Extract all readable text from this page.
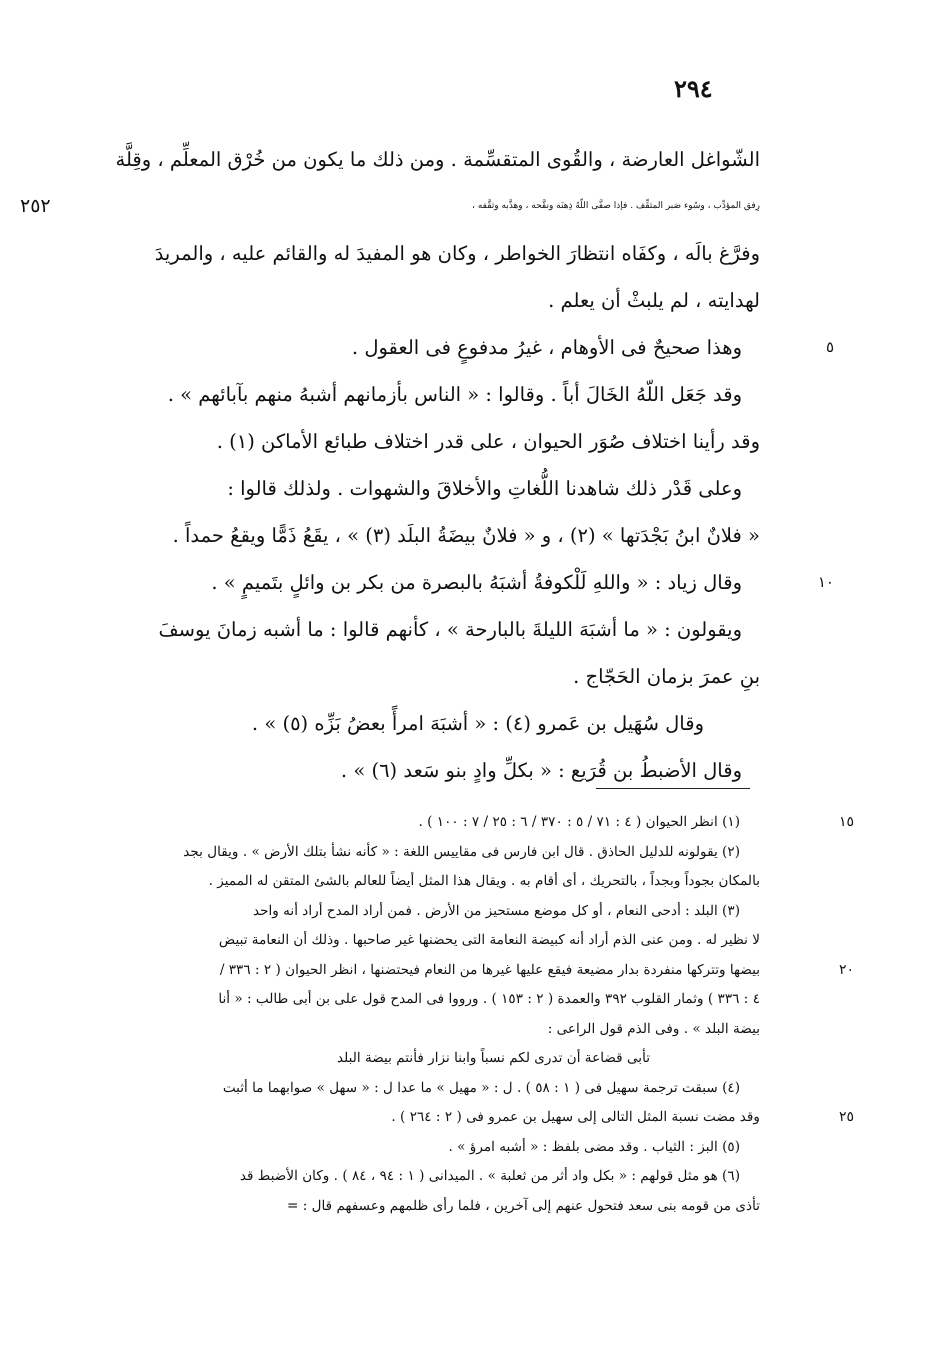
٢٩٤
الشّواغل العارضة ، والقُوى المتقسِّمة . ومن ذلك ما يكون من خُرْق المعلِّم ، وقِلَّة
رِفق المؤدِّب ، وسُوء صَبر المثقِّف . فإذا صفَّى اللّهُ ذِهنَه ونقَّحه ، وهذَّبه وثقَّفه ،
٢٥٢
وفرَّغ بالَه ، وكفَاه انتظارَ الخواطر ، وكان هو المفيدَ له والقائم عليه ، والمريدَ
لهدايته ، لم يلبثْ أن يعلم .
وهذا صحيحٌ فى الأوهام ، غيرُ مدفوعٍ فى العقول .	٥
وقد جَعَل اللّهُ الخَالَ أباً . وقالوا : « الناس بأزمانهم أشبهُ منهم بآبائهم » .
وقد رأينا اختلاف صُوَر الحيوان ، على قدر اختلاف طبائع الأماكن (١) .
وعلى قَدْر ذلك شاهدنا اللُّغاتِ والأخلاقَ والشهوات . ولذلك قالوا :
« فلانٌ ابنُ بَجْدَتها » (٢) ، و « فلانٌ بيضَةُ البلَد (٣) » ، يقَعُ ذَمًّا ويقعُ حمداً .
وقال زياد : « واللهِ لَلْكوفةُ أشبَهُ بالبصرة من بكر بن وائلٍ بتَميمٍ » .	١٠
ويقولون : « ما أشبَهَ الليلةَ بالبارحة » ، كأنهم قالوا : ما أشبه زمانَ يوسفَ
بنِ عمرَ بزمان الحَجّاج .
وقال سُهَيل بن عَمرو (٤) : « أشبَهَ امرأً بعضُ بَزِّه (٥) » .
وقال الأضبطُ بن قُرَيع : « بكلِّ وادٍ بنو سَعد (٦) » .
(١) انظر الحيوان ( ٤ : ٧١ / ٥ : ٣٧٠ / ٦ : ٢٥ / ٧ : ١٠٠ ) .	١٥
(٢) يقولونه للدليل الحاذق . قال ابن فارس فى مقاييس اللغة : « كأنه نشأ بتلك الأرض » . ويقال بجد
بالمكان بجوداً وبجداً ، بالتحريك ، أى أقام به . ويقال هذا المثل أيضاً للعالم بالشئ المتقن له المميز .
(٣) البلد : أدحى النعام ، أو كل موضع مستحيز من الأرض . فمن أراد المدح أراد أنه واحد
لا نظير له . ومن عنى الذم أراد أنه كبيضة النعامة التى يحضنها غير صاحبها . وذلك أن النعامة تبيض
بيضها وتتركها منفردة بدار مضيعة فيقع عليها غيرها من النعام فيحتضنها ، انظر الحيوان ( ٢ : ٣٣٦ /	٢٠
٤ : ٣٣٦ ) وثمار القلوب ٣٩٢ والعمدة ( ٢ : ١٥٣ ) . ورووا فى المدح قول على بن أبى طالب : « أنا
بيضة البلد » . وفى الذم قول الراعى :
تأبى قضاعة أن تدرى لكم نسباً وابنا نزار فأنتم بيضة البلد
(٤) سبقت ترجمة سهيل فى ( ١ : ٥٨ ) . ل : « مهيل » ما عدا ل : « سهل » صوابهما ما أثبت
وقد مضت نسبة المثل التالى إلى سهيل بن عمرو فى ( ٢ : ٢٦٤ ) .	٢٥
(٥) البز : الثياب . وقد مضى بلفظ : « أشبه امرؤ » .
(٦) هو مثل قولهم : « بكل واد أثر من ثعلبة » . الميدانى ( ١ : ٩٤ ، ٨٤ ) . وكان الأضبط قد
تأذى من قومه بنى سعد فتحول عنهم إلى آخرين ، فلما رأى ظلمهم وعسفهم قال : =
